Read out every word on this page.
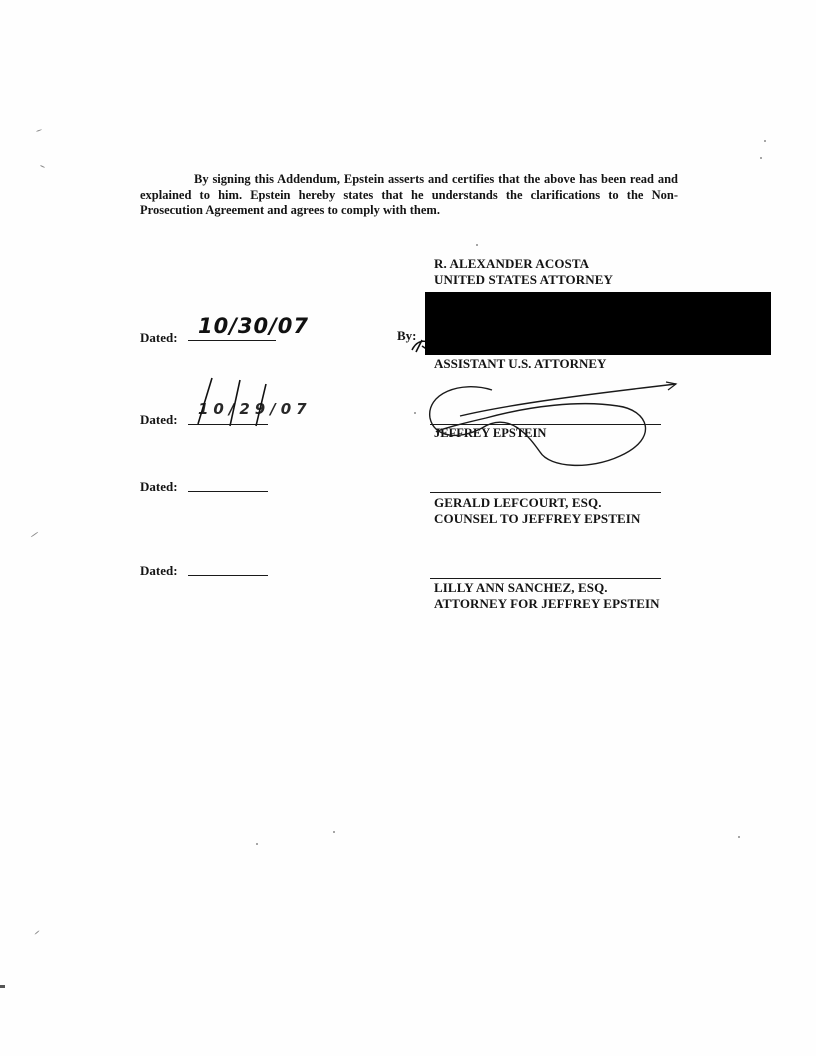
By signing this Addendum, Epstein asserts and certifies that the above has been read and
explained to him. Epstein hereby states that he understands the clarifications to the Non-
Prosecution Agreement and agrees to comply with them.
R. ALEXANDER ACOSTA
UNITED STATES ATTORNEY
Dated: 10/30/07	By:
ASSISTANT U.S. ATTORNEY
Dated:
10/29/07
JEFFREY EPSTEIN
Dated:
GERALD LEFCOURT, ESQ.
COUNSEL TO JEFFREY EPSTEIN
Dated:
LILLY ANN SANCHEZ, ESQ.
ATTORNEY FOR JEFFREY EPSTEIN
